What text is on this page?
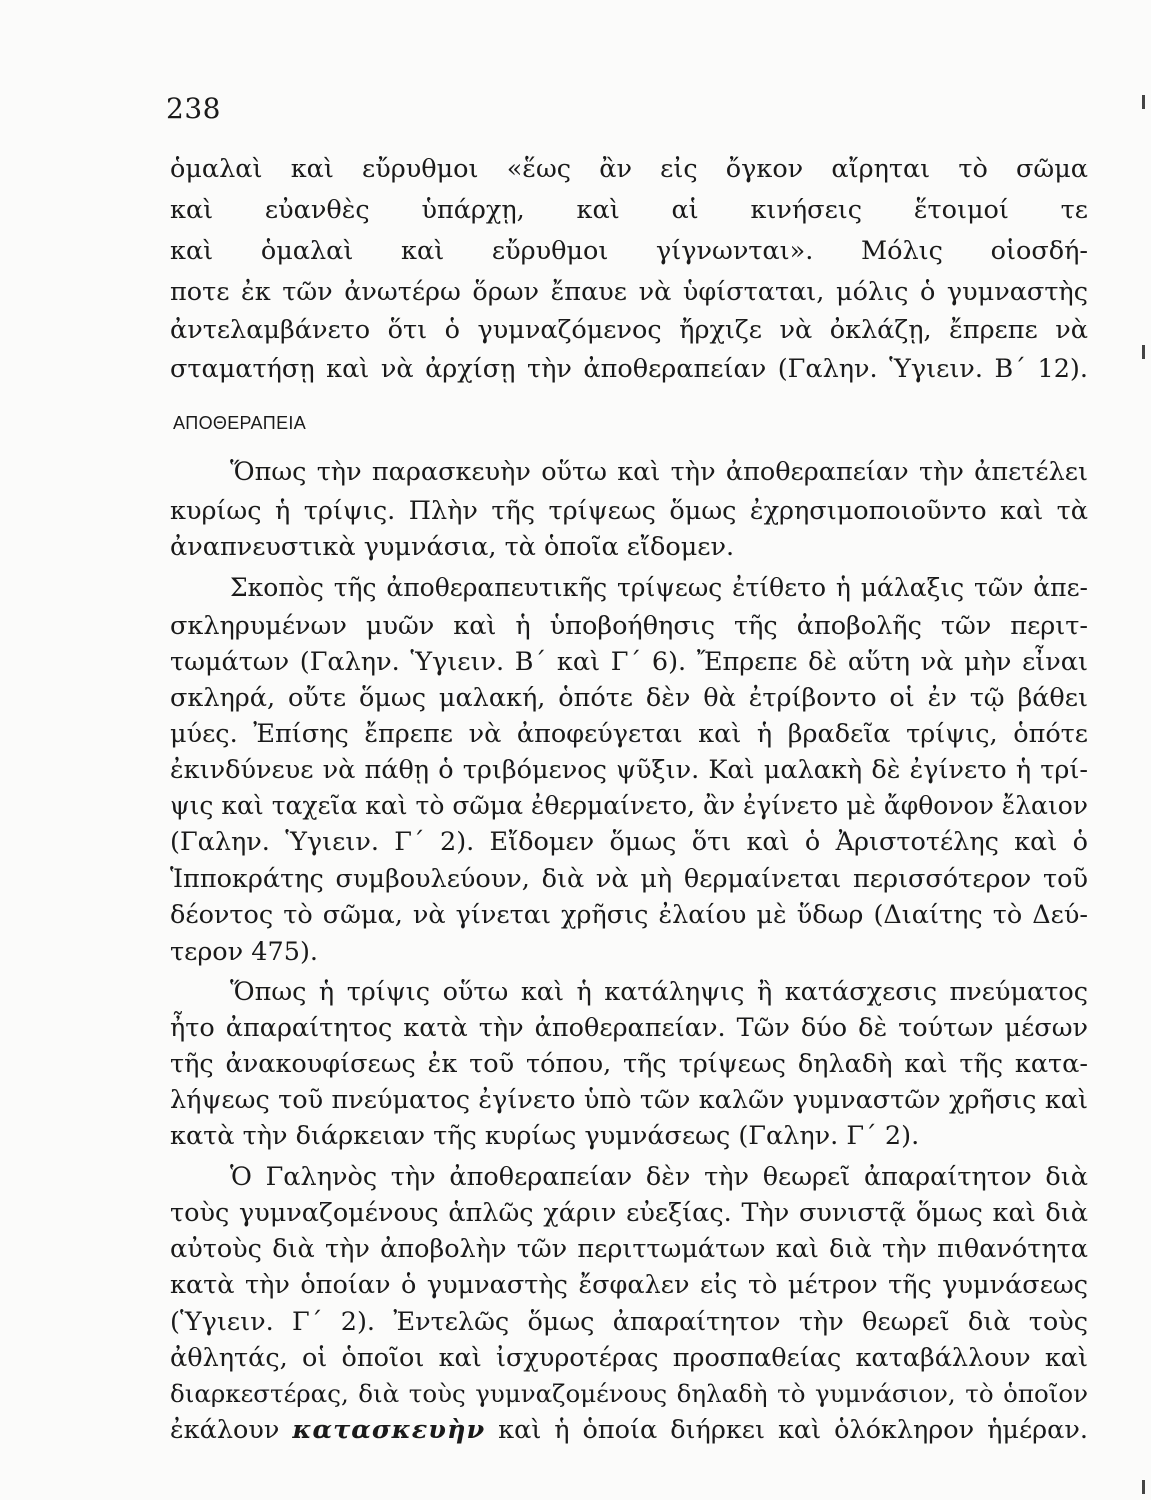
238
ὁμαλαὶ καὶ εὔρυθμοι «ἕως ἂν εἰς ὄγκον αἴρηται τὸ σῶμα
καὶ εὐανθὲς ὑπάρχῃ, καὶ αἱ κινήσεις ἕτοιμοί τε
καὶ ὁμαλαὶ καὶ εὔρυθμοι γίγνωνται». Μόλις οἱοσδή-
ποτε ἐκ τῶν ἀνωτέρω ὅρων ἔπαυε νὰ ὑφίσταται, μόλις ὁ γυμναστὴς
ἀντελαμβάνετο ὅτι ὁ γυμναζόμενος ἤρχιζε νὰ ὀκλάζῃ, ἔπρεπε νὰ
σταματήσῃ καὶ νὰ ἀρχίσῃ τὴν ἀποθεραπείαν (Γαλην. Ὑγιειν. Β΄ 12).
ΑΠΟΘΕΡΑΠΕΙΑ
Ὅπως τὴν παρασκευὴν οὕτω καὶ τὴν ἀποθεραπείαν τὴν ἀπετέλει
κυρίως ἡ τρίψις. Πλὴν τῆς τρίψεως ὅμως ἐχρησιμοποιοῦντο καὶ τὰ
ἀναπνευστικὰ γυμνάσια, τὰ ὁποῖα εἴδομεν.
Σκοπὸς τῆς ἀποθεραπευτικῆς τρίψεως ἐτίθετο ἡ μάλαξις τῶν ἀπε-
σκληρυμένων μυῶν καὶ ἡ ὑποβοήθησις τῆς ἀποβολῆς τῶν περιτ-
τωμάτων (Γαλην. Ὑγιειν. Β΄ καὶ Γ΄ 6). Ἔπρεπε δὲ αὕτη νὰ μὴν εἶναι
σκληρά, οὔτε ὅμως μαλακή, ὁπότε δὲν θὰ ἐτρίβοντο οἱ ἐν τῷ βάθει
μύες. Ἐπίσης ἔπρεπε νὰ ἀποφεύγεται καὶ ἡ βραδεῖα τρίψις, ὁπότε
ἐκινδύνευε νὰ πάθῃ ὁ τριβόμενος ψῦξιν. Καὶ μαλακὴ δὲ ἐγίνετο ἡ τρί-
ψις καὶ ταχεῖα καὶ τὸ σῶμα ἐθερμαίνετο, ἂν ἐγίνετο μὲ ἄφθονον ἔλαιον
(Γαλην. Ὑγιειν. Γ΄ 2). Εἴδομεν ὅμως ὅτι καὶ ὁ Ἀριστοτέλης καὶ ὁ
Ἱπποκράτης συμβουλεύουν, διὰ νὰ μὴ θερμαίνεται περισσότερον τοῦ
δέοντος τὸ σῶμα, νὰ γίνεται χρῆσις ἐλαίου μὲ ὕδωρ (Διαίτης τὸ Δεύ-
τερον 475).
Ὅπως ἡ τρίψις οὕτω καὶ ἡ κατάληψις ἢ κατάσχεσις πνεύματος
ἦτο ἀπαραίτητος κατὰ τὴν ἀποθεραπείαν. Τῶν δύο δὲ τούτων μέσων
τῆς ἀνακουφίσεως ἐκ τοῦ τόπου, τῆς τρίψεως δηλαδὴ καὶ τῆς κατα-
λήψεως τοῦ πνεύματος ἐγίνετο ὑπὸ τῶν καλῶν γυμναστῶν χρῆσις καὶ
κατὰ τὴν διάρκειαν τῆς κυρίως γυμνάσεως (Γαλην. Γ΄ 2).
Ὁ Γαληνὸς τὴν ἀποθεραπείαν δὲν τὴν θεωρεῖ ἀπαραίτητον διὰ
τοὺς γυμναζομένους ἁπλῶς χάριν εὐεξίας. Τὴν συνιστᾷ ὅμως καὶ διὰ
αὐτοὺς διὰ τὴν ἀποβολὴν τῶν περιττωμάτων καὶ διὰ τὴν πιθανότητα
κατὰ τὴν ὁποίαν ὁ γυμναστὴς ἔσφαλεν εἰς τὸ μέτρον τῆς γυμνάσεως
(Ὑγιειν. Γ΄ 2). Ἐντελῶς ὅμως ἀπαραίτητον τὴν θεωρεῖ διὰ τοὺς
ἀθλητάς, οἱ ὁποῖοι καὶ ἰσχυροτέρας προσπαθείας καταβάλλουν καὶ
διαρκεστέρας, διὰ τοὺς γυμναζομένους δηλαδὴ τὸ γυμνάσιον, τὸ ὁποῖον
ἐκάλουν κατασκευὴν καὶ ἡ ὁποία διήρκει καὶ ὁλόκληρον ἡμέραν.
